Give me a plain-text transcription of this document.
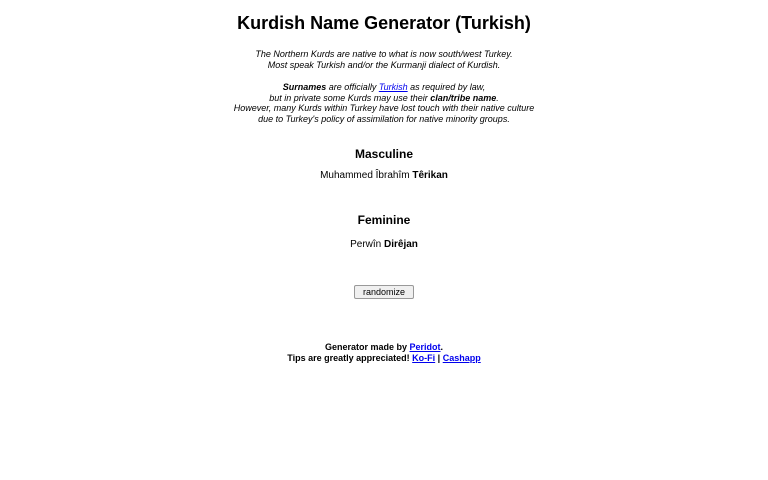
Kurdish Name Generator (Turkish)

The Northern Kurds are native to what is now south/west Turkey.
Most speak Turkish and/or the Kurmanji dialect of Kurdish.

Surnames are officially Turkish as required by law,
but in private some Kurds may use their clan/tribe name.
However, many Kurds within Turkey have lost touch with their native culture
due to Turkey's policy of assimilation for native minority groups.

Masculine

Muhammed Îbrahîm Têrikan

Feminine

Perwîn Dirêjan

randomize
Generator made by Peridot.
Tips are greatly appreciated! Ko-Fi | Cashapp
